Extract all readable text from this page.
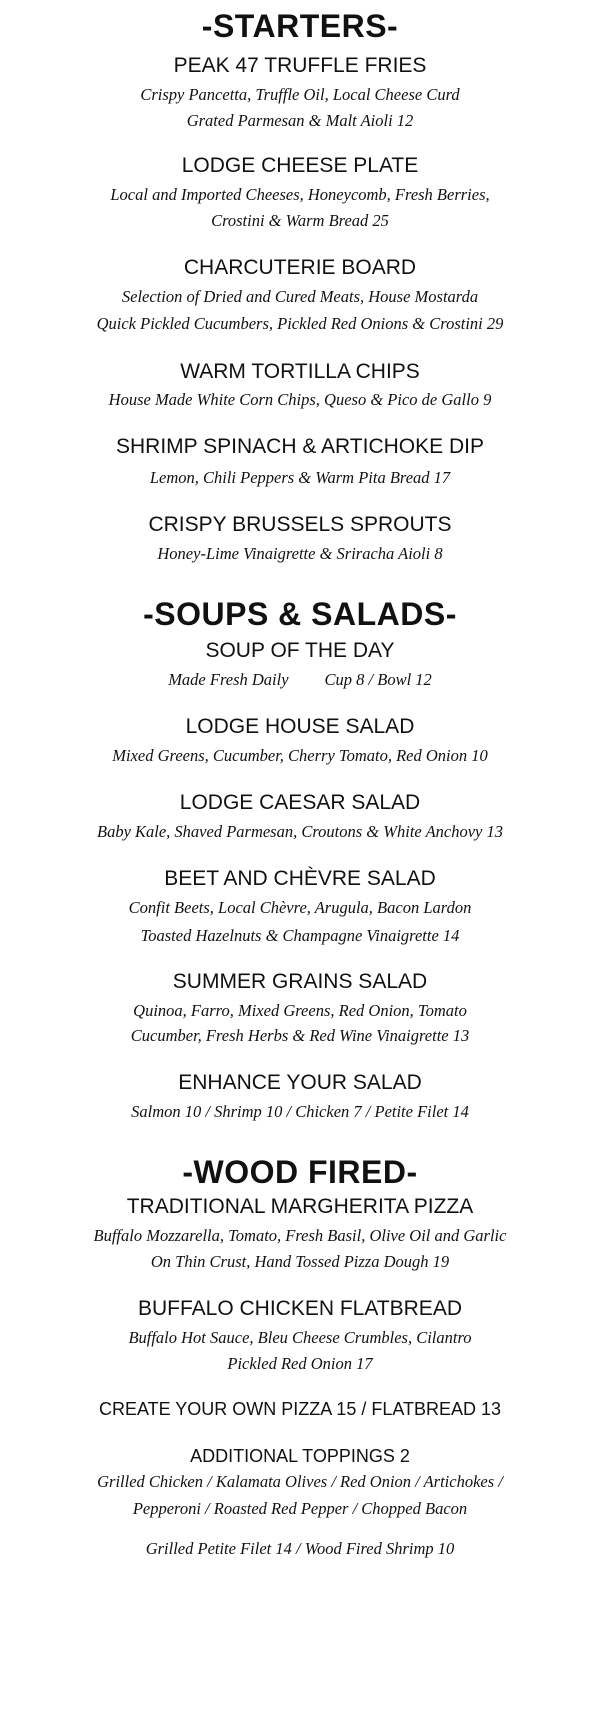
-STARTERS-
PEAK 47 TRUFFLE FRIES
Crispy Pancetta, Truffle Oil, Local Cheese Curd
Grated Parmesan & Malt Aioli 12
LODGE CHEESE PLATE
Local and Imported Cheeses, Honeycomb, Fresh Berries,
Crostini & Warm Bread 25
CHARCUTERIE BOARD
Selection of Dried and Cured Meats, House Mostarda
Quick Pickled Cucumbers, Pickled Red Onions & Crostini 29
WARM TORTILLA CHIPS
House Made White Corn Chips, Queso & Pico de Gallo 9
SHRIMP SPINACH & ARTICHOKE DIP
Lemon, Chili Peppers & Warm Pita Bread 17
CRISPY BRUSSELS SPROUTS
Honey-Lime Vinaigrette & Sriracha Aioli 8
-SOUPS & SALADS-
SOUP OF THE DAY
Made Fresh Daily Cup 8 / Bowl 12
LODGE HOUSE SALAD
Mixed Greens, Cucumber, Cherry Tomato, Red Onion 10
LODGE CAESAR SALAD
Baby Kale, Shaved Parmesan, Croutons & White Anchovy 13
BEET AND CHÈVRE SALAD
Confit Beets, Local Chèvre, Arugula, Bacon Lardon
Toasted Hazelnuts & Champagne Vinaigrette 14
SUMMER GRAINS SALAD
Quinoa, Farro, Mixed Greens, Red Onion, Tomato
Cucumber, Fresh Herbs & Red Wine Vinaigrette 13
ENHANCE YOUR SALAD
Salmon 10 / Shrimp 10 / Chicken 7 / Petite Filet 14
-WOOD FIRED-
TRADITIONAL MARGHERITA PIZZA
Buffalo Mozzarella, Tomato, Fresh Basil, Olive Oil and Garlic
On Thin Crust, Hand Tossed Pizza Dough 19
BUFFALO CHICKEN FLATBREAD
Buffalo Hot Sauce, Bleu Cheese Crumbles, Cilantro
Pickled Red Onion 17
CREATE YOUR OWN PIZZA 15 / FLATBREAD 13
ADDITIONAL TOPPINGS 2
Grilled Chicken / Kalamata Olives / Red Onion / Artichokes /
Pepperoni / Roasted Red Pepper / Chopped Bacon
Grilled Petite Filet 14 / Wood Fired Shrimp 10
